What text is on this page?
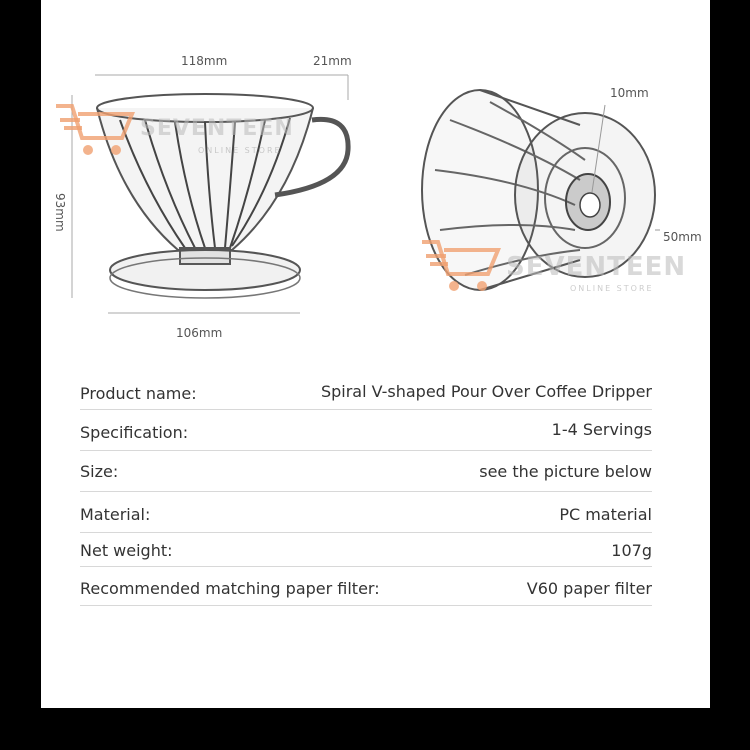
SEVENTEEN
ONLINE STORE
SEVENTEEN
ONLINE STORE
118mm	21mm
93mm
106mm
10mm
50mm
Product name:	Spiral V-shaped Pour Over Coffee Dripper
Specification:	1-4 Servings
Size:	see the picture below
Material:	PC material
Net weight:	107g
Recommended matching paper filter:	V60 paper filter
